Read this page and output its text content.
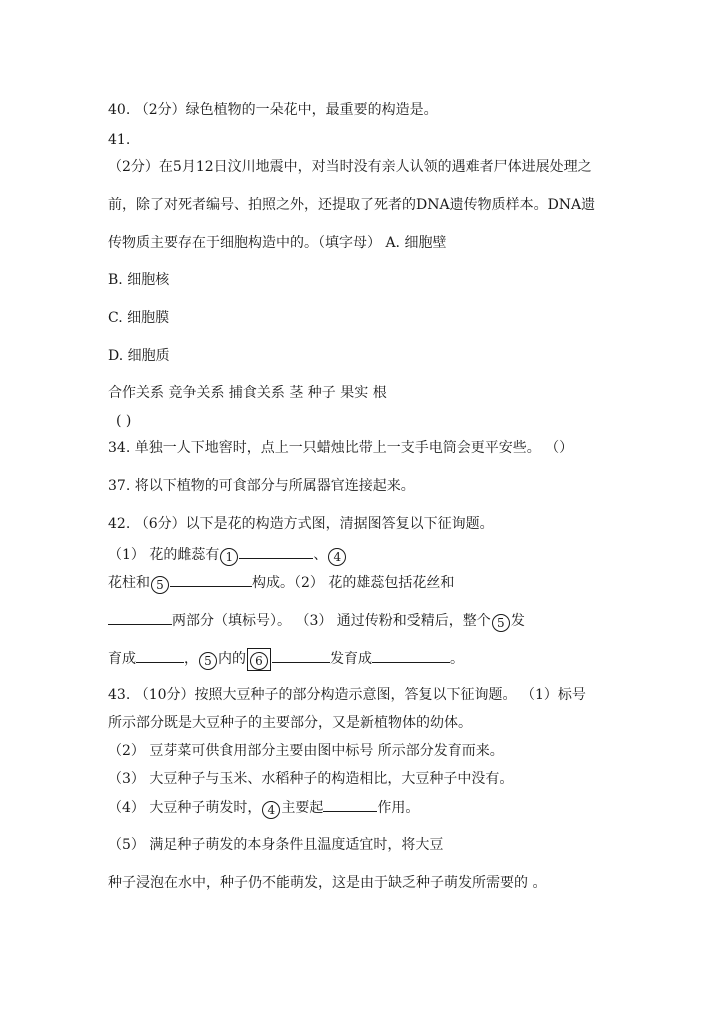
40. （2分）绿色植物的一朵花中，最重要的构造是。
41.
（2分）在5月12日汶川地震中，对当时没有亲人认领的遇难者尸体进展处理之
前，除了对死者编号、拍照之外，还提取了死者的DNA遗传物质样本。DNA遗
传物质主要存在于细胞构造中的。（填字母） A. 细胞壁
B. 细胞核
C. 细胞膜
D. 细胞质
合作关系 竞争关系 捕食关系 茎 种子 果实 根
( )
34. 单独一人下地窖时，点上一只蜡烛比带上一支手电筒会更平安些。 （）
37. 将以下植物的可食部分与所属器官连接起来。
42. （6分）以下是花的构造方式图，清据图答复以下征询题。
（1） 花的雌蕊有 1	、 4
花柱和 5	构成。（2） 花的雄蕊包括花丝和
两部分（填标号）。 （3） 通过传粉和受精后，整个 5 发
育成	， 5 内的 6	发育成	。
43. （10分）按照大豆种子的部分构造示意图，答复以下征询题。 （1）标号
所示部分既是大豆种子的主要部分，又是新植物体的幼体。
（2） 豆芽菜可供食用部分主要由图中标号 所示部分发育而来。
（3） 大豆种子与玉米、水稻种子的构造相比，大豆种子中没有。
（4） 大豆种子萌发时， 4 主要起	作用。
（5） 满足种子萌发的本身条件且温度适宜时，将大豆
种子浸泡在水中，种子仍不能萌发，这是由于缺乏种子萌发所需要的 。
